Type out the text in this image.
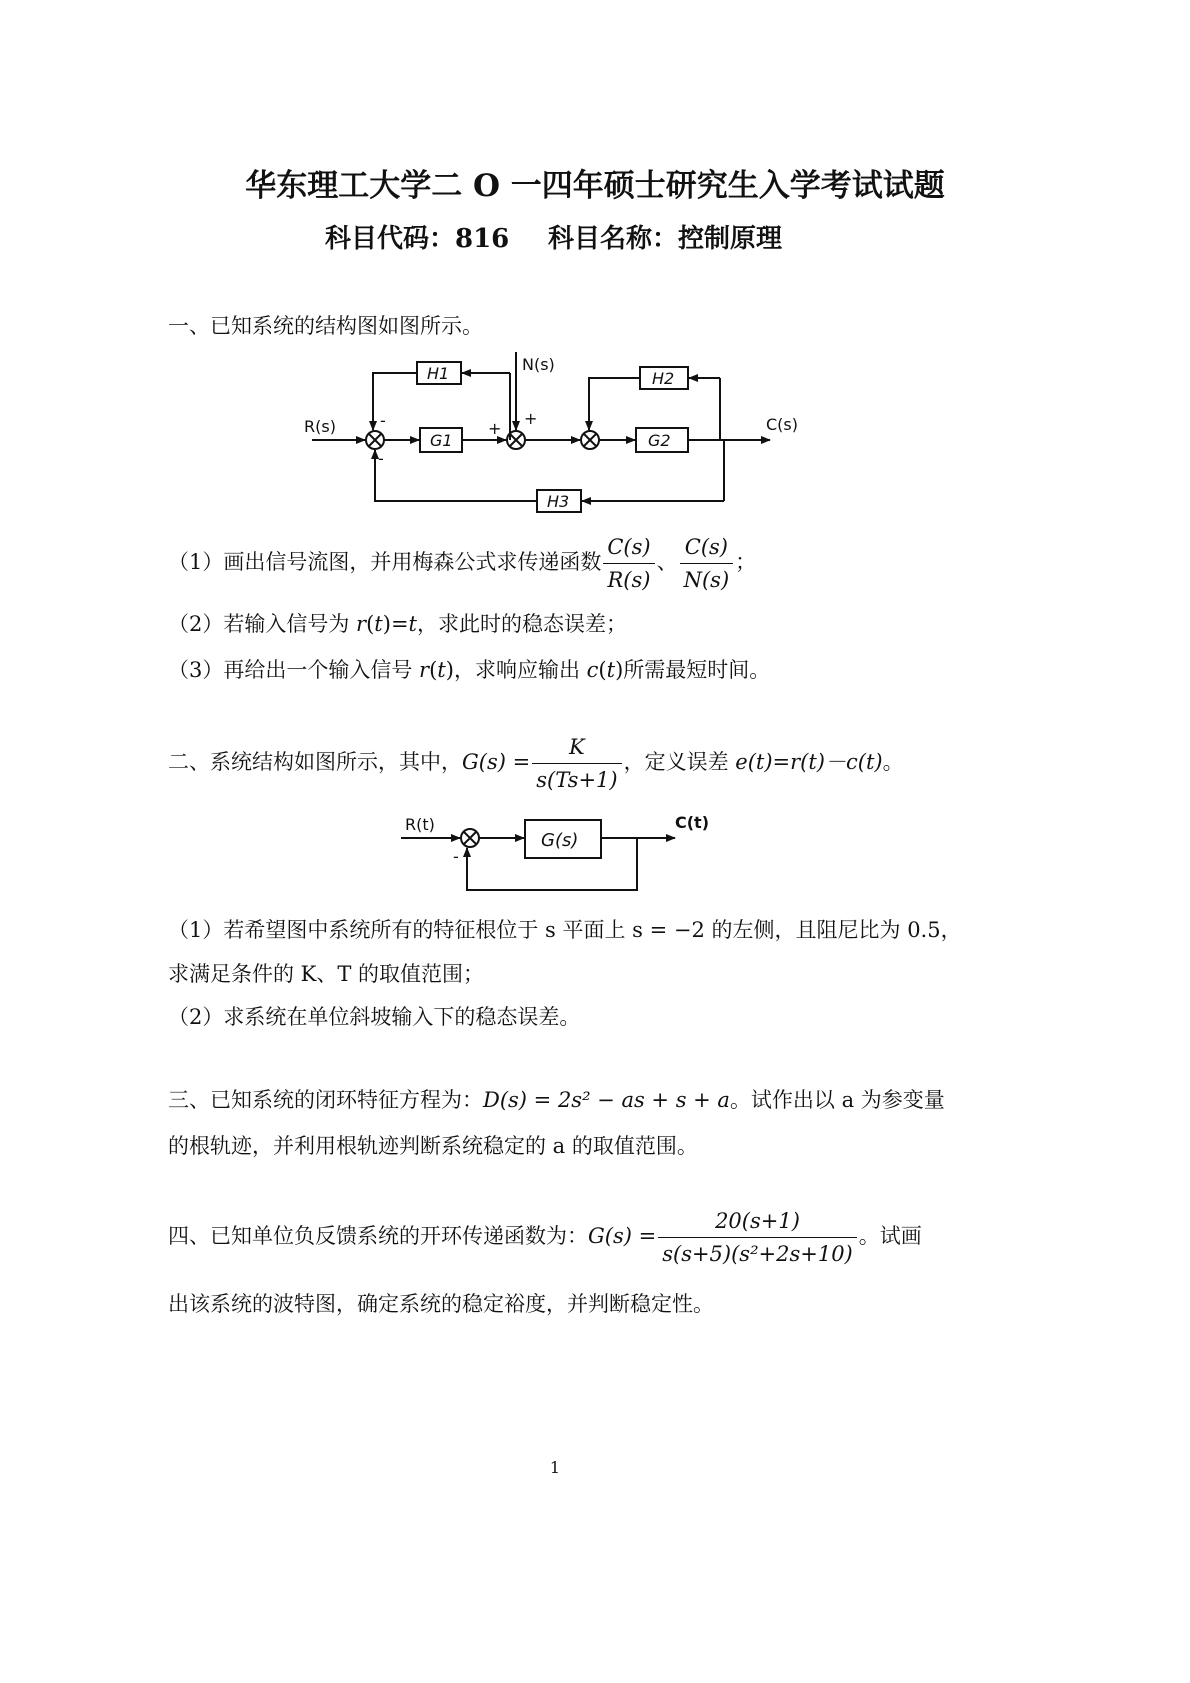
华东理工大学二 O 一四年硕士研究生入学考试试题
科目代码：816 科目名称：控制原理
一、已知系统的结构图如图所示。
R(s)	C(s)
N(s)
G1	G2
H1	H2
H3
-
-
+
+
（1）画出信号流图，并用梅森公式求传递函数 $\frac{C(s)}{R(s)}$ 、 $\frac{C(s)}{N(s)}$ ；
（2）若输入信号为 r(t)=t，求此时的稳态误差；
（3）再给出一个输入信号 r(t)，求响应输出 c(t)所需最短时间。
二、系统结构如图所示，其中，$G(s) = \frac{K}{s(Ts+1)}$ ，定义误差 e(t)=r(t)－c(t)。
R(t)	C(t)
G(s)
-
（1）若希望图中系统所有的特征根位于 s 平面上 s = −2 的左侧，且阻尼比为 0.5，
求满足条件的 K、T 的取值范围；
（2）求系统在单位斜坡输入下的稳态误差。
三、已知系统的闭环特征方程为：D(s) = 2s² − as + s + a。试作出以 a 为参变量
的根轨迹，并利用根轨迹判断系统稳定的 a 的取值范围。
四、已知单位负反馈系统的开环传递函数为：$G(s) = \frac{20(s+1)}{\text{s(s+5)(s²+2s+10)}}$ 。试画
出该系统的波特图，确定系统的稳定裕度，并判断稳定性。
1
